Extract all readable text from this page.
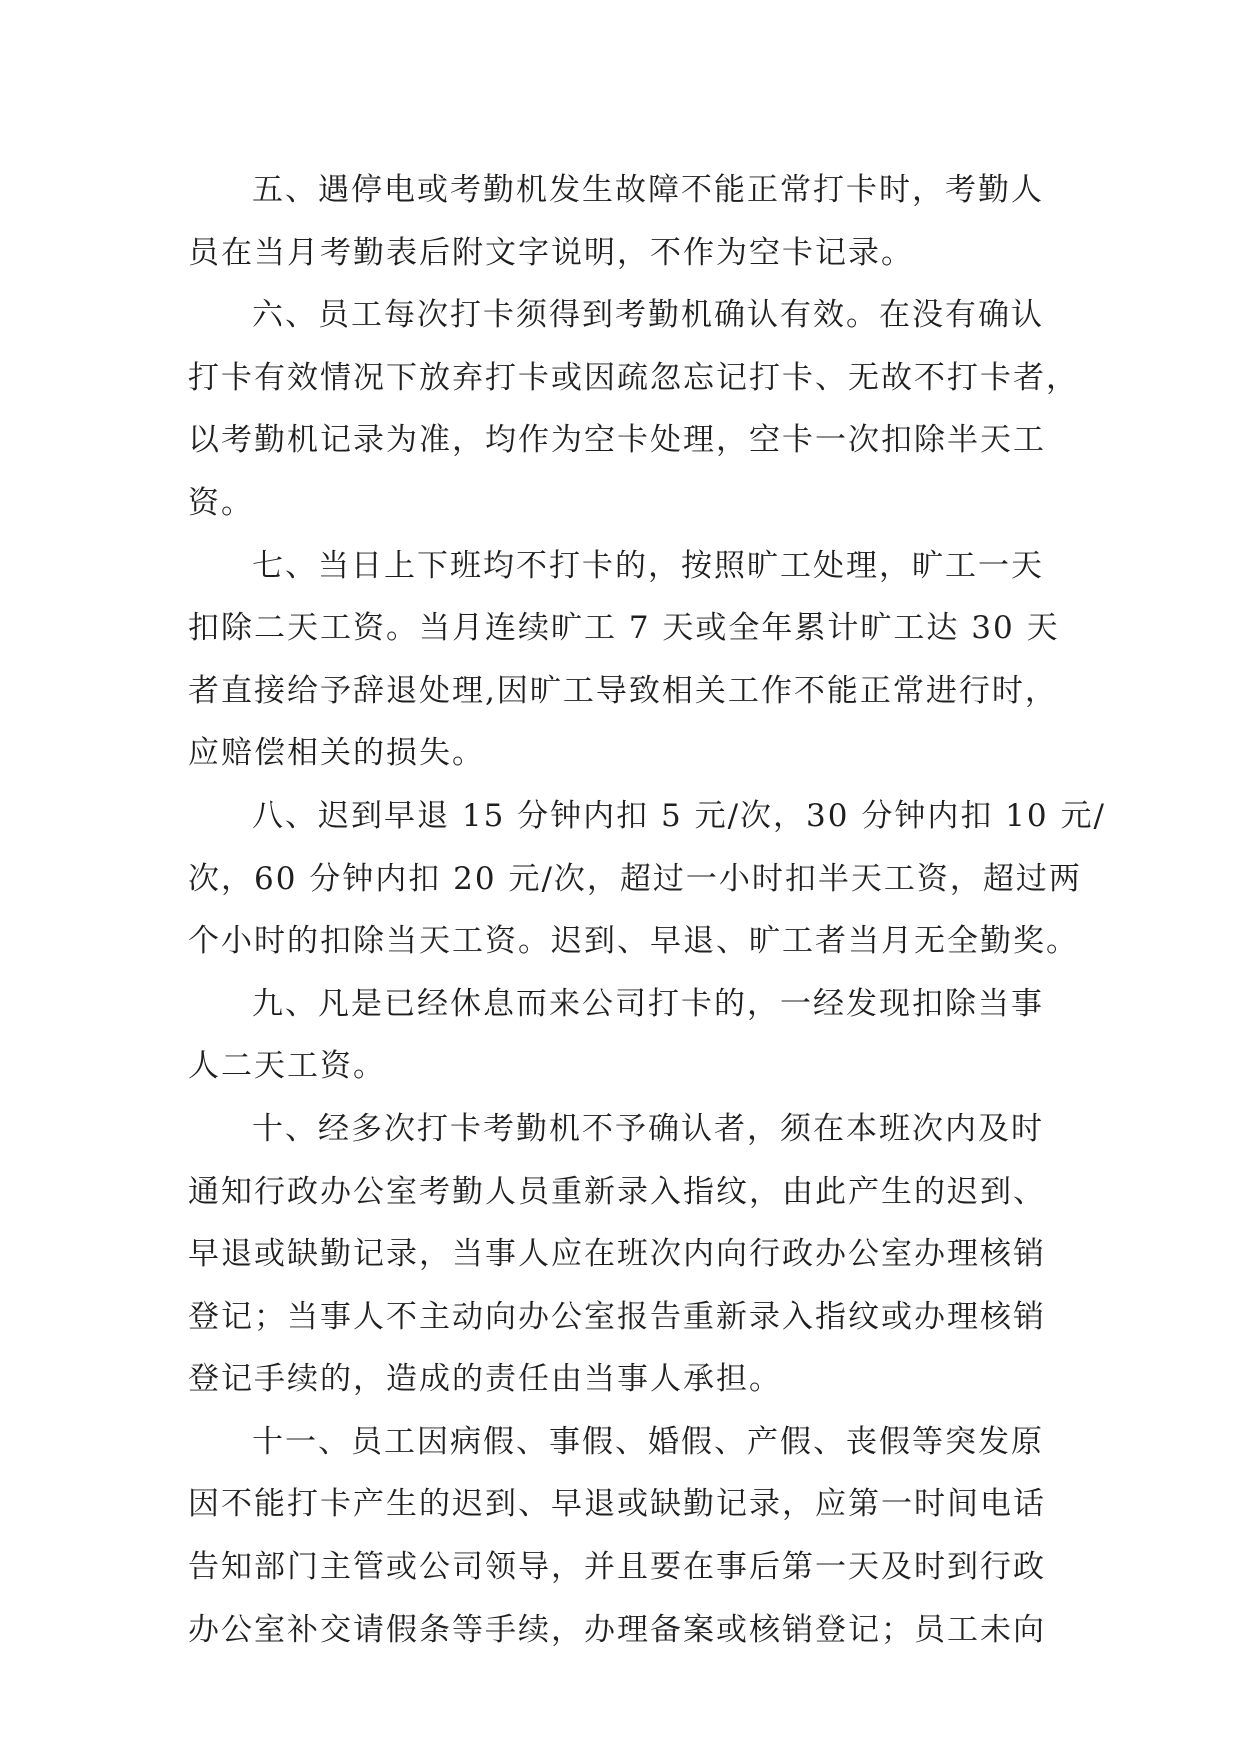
五、遇停电或考勤机发生故障不能正常打卡时，考勤人
员在当月考勤表后附文字说明，不作为空卡记录。
六、员工每次打卡须得到考勤机确认有效。在没有确认
打卡有效情况下放弃打卡或因疏忽忘记打卡、无故不打卡者，
以考勤机记录为准，均作为空卡处理，空卡一次扣除半天工
资。
七、当日上下班均不打卡的，按照旷工处理，旷工一天
扣除二天工资。当月连续旷工 7 天或全年累计旷工达 30 天
者直接给予辞退处理,因旷工导致相关工作不能正常进行时，
应赔偿相关的损失。
八、迟到早退 15 分钟内扣 5 元/次，30 分钟内扣 10 元/
次，60 分钟内扣 20 元/次，超过一小时扣半天工资，超过两
个小时的扣除当天工资。迟到、早退、旷工者当月无全勤奖。
九、凡是已经休息而来公司打卡的，一经发现扣除当事
人二天工资。
十、经多次打卡考勤机不予确认者，须在本班次内及时
通知行政办公室考勤人员重新录入指纹，由此产生的迟到、
早退或缺勤记录，当事人应在班次内向行政办公室办理核销
登记；当事人不主动向办公室报告重新录入指纹或办理核销
登记手续的，造成的责任由当事人承担。
十一、员工因病假、事假、婚假、产假、丧假等突发原
因不能打卡产生的迟到、早退或缺勤记录，应第一时间电话
告知部门主管或公司领导，并且要在事后第一天及时到行政
办公室补交请假条等手续，办理备案或核销登记；员工未向
